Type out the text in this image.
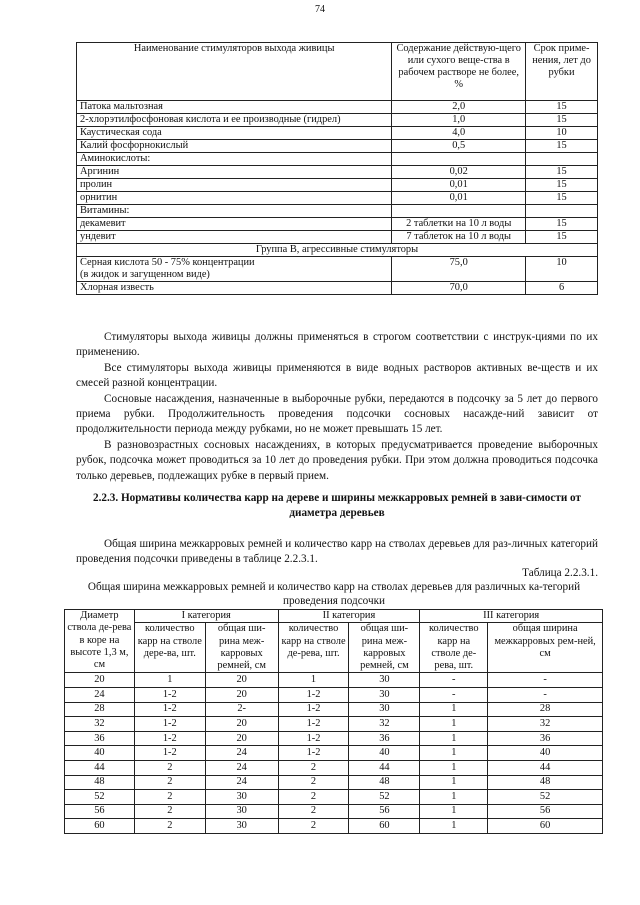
74
Наименование стимуляторов выхода живицы	Содержание действую-щего или сухого веще-ства в рабочем растворе не более, %	Срок приме-нения, лет до рубки
Патока мальтозная	2,0	15
2-хлорэтилфосфоновая кислота и ее производные (гидрел)	1,0	15
Каустическая сода	4,0	10
Калий фосфорнокислый	0,5	15
Аминокислоты:		
Аргинин	0,02	15
пролин	0,01	15
орнитин	0,01	15
Витамины:		
декамевит	2 таблетки на 10 л воды	15
ундевит	7 таблеток на 10 л воды	15
Группа В, агрессивные стимуляторы		

Серная кислота 50 - 75% концентрации
(в жидок и загущенном виде)	75,0	10

Хлорная известь	70,0	6

Стимуляторы выхода живицы должны применяться в строгом соответствии с инструк-циями по их применению.

Все стимуляторы выхода живицы применяются в виде водных растворов активных ве-ществ и их смесей разной концентрации.

Сосновые насаждения, назначенные в выборочные рубки, передаются в подсочку за 5 лет до первого приема рубки. Продолжительность проведения подсочки сосновых насажде-ний зависит от продолжительности периода между рубками, но не может превышать 15 лет.

В разновозрастных сосновых насаждениях, в которых предусматривается проведение выборочных рубок, подсочка может проводиться за 10 лет до проведения рубки. При этом должна проводиться подсочка только деревьев, подлежащих рубке в первый прием.

2.2.3. Нормативы количества карр на дереве и ширины межкарровых ремней в зави-симости от диаметра деревьев

Общая ширина межкарровых ремней и количество карр на стволах деревьев для раз-личных категорий проведения подсочки приведены в таблице 2.2.3.1.

Таблица 2.2.3.1.
Общая ширина межкарровых ремней и количество карр на стволах деревьев для различных ка-тегорий проведения подсочки
Диаметр ствола де-рева в коре на высоте 1,3 м, см	I категория		II категория		III категория	
	количество карр на стволе дере-ва, шт.	общая ши-рина меж-карровых ремней, см	количество карр на стволе де-рева, шт.	общая ши-рина меж-карровых ремней, см	количество карр на стволе де-рева, шт.	общая ширина межкарровых рем-ней, см
20	1	20	1	30	-	-
24	1-2	20	1-2	30	-	-
28	1-2	2-	1-2	30	1	28
32	1-2	20	1-2	32	1	32
36	1-2	20	1-2	36	1	36
40	1-2	24	1-2	40	1	40
44	2	24	2	44	1	44
48	2	24	2	48	1	48
52	2	30	2	52	1	52
56	2	30	2	56	1	56
60	2	30	2	60	1	60
